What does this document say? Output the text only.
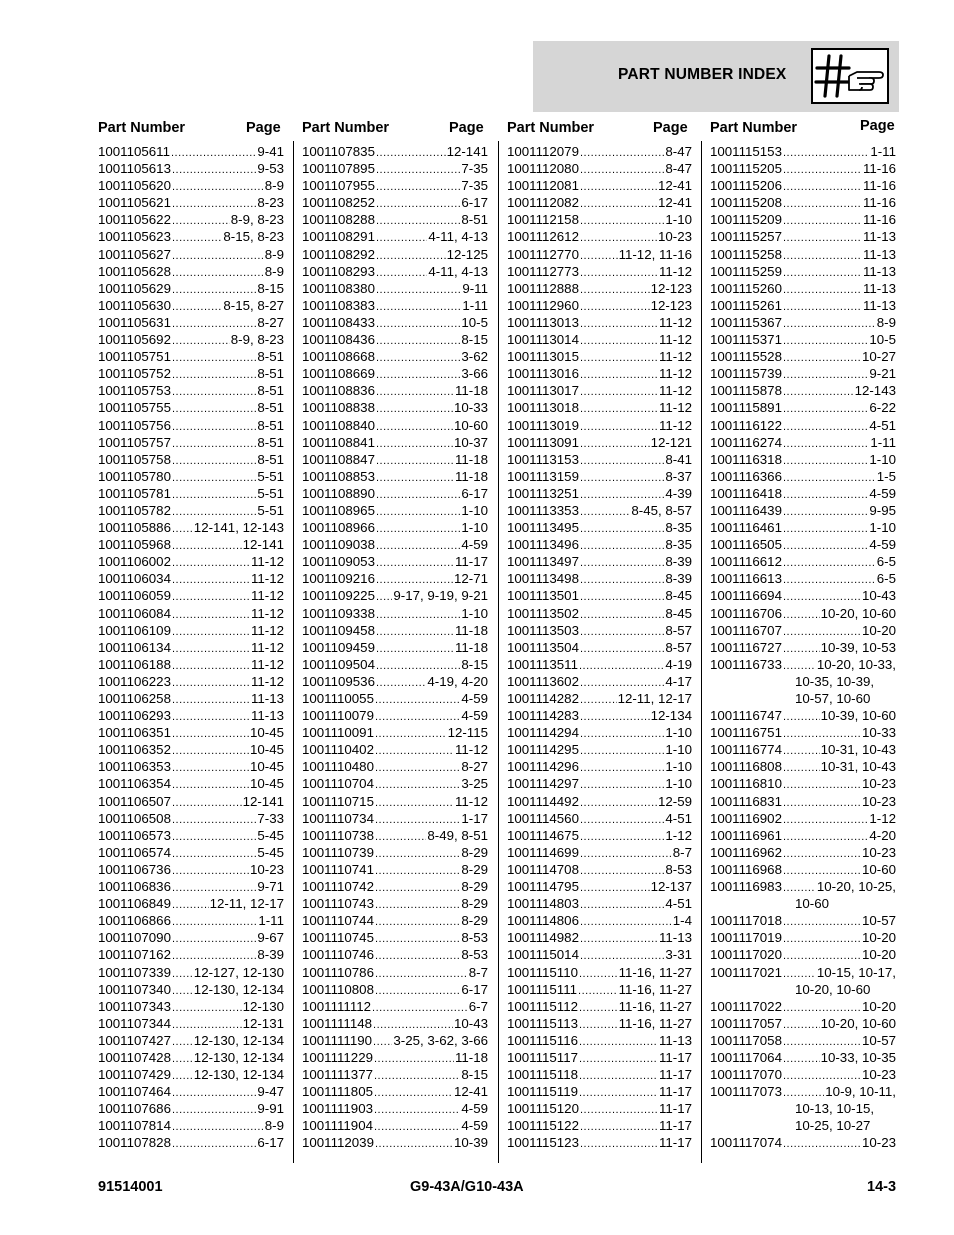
PART NUMBER INDEX
Part Number	Page Part Number	Page Part Number	Page Part Number	Page
1001105611 .....	9-41
1001105613 .....	9-53
1001105620 .....	8-9
1001105621 .....	8-23
1001105622 .....	8-9, 8-23
1001105623 .....	8-15, 8-23
1001105627 .....	8-9
1001105628 .....	8-9
1001105629 .....	8-15
1001105630 .....	8-15, 8-27
1001105631 .....	8-27
1001105692 .....	8-9, 8-23
1001105751 .....	8-51
1001105752 .....	8-51
1001105753 .....	8-51
1001105755 .....	8-51
1001105756 .....	8-51
1001105757 .....	8-51
1001105758 .....	8-51
1001105780 .....	5-51
1001105781 .....	5-51
1001105782 .....	5-51
1001105886 ..... 12-141, 12-143
1001105968 .....	12-141
1001106002 .....	11-12
1001106034 .....	11-12
1001106059 .....	11-12
1001106084 .....	11-12
1001106109 .....	11-12
1001106134 .....	11-12
1001106188 .....	11-12
1001106223 .....	11-12
1001106258 .....	11-13
1001106293 .....	11-13
1001106351 .....	10-45
1001106352 .....	10-45
1001106353 .....	10-45
1001106354 .....	10-45
1001106507 .....	12-141
1001106508 .....	7-33
1001106573 .....	5-45
1001106574 .....	5-45
1001106736 .....	10-23
1001106836 .....	9-71
1001106849 .....	12-11, 12-17
1001106866 .....	1-11
1001107090 .....	9-67
1001107162 .....	8-39
1001107339 ..... 12-127, 12-130
1001107340 ..... 12-130, 12-134
1001107343 .....	12-130
1001107344 .....	12-131
1001107427 ..... 12-130, 12-134
1001107428 ..... 12-130, 12-134
1001107429 ..... 12-130, 12-134
1001107464 .....	9-47
1001107686 .....	9-91
1001107814 .....	8-9
1001107828 .....	6-17
1001107835 .....	12-141
1001107895 .....	7-35
1001107955 .....	7-35
1001108252 .....	6-17
1001108288 .....	8-51
1001108291 .....	4-11, 4-13
1001108292 .....	12-125
1001108293 .....	4-11, 4-13
1001108380 .....	9-11
1001108383 .....	1-11
1001108433 .....	10-5
1001108436 .....	8-15
1001108668 .....	3-62
1001108669 .....	3-66
1001108836 .....	11-18
1001108838 .....	10-33
1001108840 .....	10-60
1001108841 .....	10-37
1001108847 .....	11-18
1001108853 .....	11-18
1001108890 .....	6-17
1001108965 .....	1-10
1001108966 .....	1-10
1001109038 .....	4-59
1001109053 .....	11-17
1001109216 .....	12-71
1001109225 ..... 9-17, 9-19, 9-21
1001109338 .....	1-10
1001109458 .....	11-18
1001109459 .....	11-18
1001109504 .....	8-15
1001109536 .....	4-19, 4-20
1001110055 .....	4-59
1001110079 .....	4-59
1001110091 .....	12-115
1001110402 .....	11-12
1001110480 .....	8-27
1001110704 .....	3-25
1001110715 .....	11-12
1001110734 .....	1-17
1001110738 .....	8-49, 8-51
1001110739 .....	8-29
1001110741 .....	8-29
1001110742 .....	8-29
1001110743 .....	8-29
1001110744 .....	8-29
1001110745 .....	8-53
1001110746 .....	8-53
1001110786 .....	8-7
1001110808 .....	6-17
1001111112 .....	6-7
1001111148 .....	10-43
1001111190 ..... 3-25, 3-62, 3-66
1001111229 .....	11-18
1001111377 .....	8-15
1001111805 .....	12-41
1001111903 .....	4-59
1001111904 .....	4-59
1001112039 .....	10-39
1001112079 .....	8-47
1001112080 .....	8-47
1001112081 .....	12-41
1001112082 .....	12-41
1001112158 .....	1-10
1001112612 .....	10-23
1001112770 .....	11-12, 11-16
1001112773 .....	11-12
1001112888 .....	12-123
1001112960 .....	12-123
1001113013 .....	11-12
1001113014 .....	11-12
1001113015 .....	11-12
1001113016 .....	11-12
1001113017 .....	11-12
1001113018 .....	11-12
1001113019 .....	11-12
1001113091 .....	12-121
1001113153 .....	8-41
1001113159 .....	8-37
1001113251 .....	4-39
1001113353 .....	8-45, 8-57
1001113495 .....	8-35
1001113496 .....	8-35
1001113497 .....	8-39
1001113498 .....	8-39
1001113501 .....	8-45
1001113502 .....	8-45
1001113503 .....	8-57
1001113504 .....	8-57
1001113511 .....	4-19
1001113602 .....	4-17
1001114282 .....	12-11, 12-17
1001114283 .....	12-134
1001114294 .....	1-10
1001114295 .....	1-10
1001114296 .....	1-10
1001114297 .....	1-10
1001114492 .....	12-59
1001114560 .....	4-51
1001114675 .....	1-12
1001114699 .....	8-7
1001114708 .....	8-53
1001114795 .....	12-137
1001114803 .....	4-51
1001114806 .....	1-4
1001114982 .....	11-13
1001115014 .....	3-31
1001115110 .....	11-16, 11-27
1001115111 .....	11-16, 11-27
1001115112 .....	11-16, 11-27
1001115113 .....	11-16, 11-27
1001115116 .....	11-13
1001115117 .....	11-17
1001115118 .....	11-17
1001115119 .....	11-17
1001115120 .....	11-17
1001115122 .....	11-17
1001115123 .....	11-17
1001115153 .....	1-11
1001115205 .....	11-16
1001115206 .....	11-16
1001115208 .....	11-16
1001115209 .....	11-16
1001115257 .....	11-13
1001115258 .....	11-13
1001115259 .....	11-13
1001115260 .....	11-13
1001115261 .....	11-13
1001115367 .....	8-9
1001115371 .....	10-5
1001115528 .....	10-27
1001115739 .....	9-21
1001115878 .....	12-143
1001115891 .....	6-22
1001116122 .....	4-51
1001116274 .....	1-11
1001116318 .....	1-10
1001116366 .....	1-5
1001116418 .....	4-59
1001116439 .....	9-95
1001116461 .....	1-10
1001116505 .....	4-59
1001116612 .....	6-5
1001116613 .....	6-5
1001116694 .....	10-43
1001116706 .....	10-20, 10-60
1001116707 .....	10-20
1001116727 .....	10-39, 10-53
1001116733 .....	10-20, 10-33,
10-35, 10-39,
10-57, 10-60
1001116747 .....	10-39, 10-60
1001116751 .....	10-33
1001116774 .....	10-31, 10-43
1001116808 .....	10-31, 10-43
1001116810 .....	10-23
1001116831 .....	10-23
1001116902 .....	1-12
1001116961 .....	4-20
1001116962 .....	10-23
1001116968 .....	10-60
1001116983 .....	10-20, 10-25,
10-60
1001117018 .....	10-57
1001117019 .....	10-20
1001117020 .....	10-20
1001117021 .....	10-15, 10-17,
10-20, 10-60
1001117022 .....	10-20
1001117057 .....	10-20, 10-60
1001117058 .....	10-57
1001117064 .....	10-33, 10-35
1001117070 .....	10-23
1001117073 .....	10-9, 10-11,
10-13, 10-15,
10-25, 10-27
1001117074 .....	10-23
91514001	G9-43A/G10-43A	14-3
